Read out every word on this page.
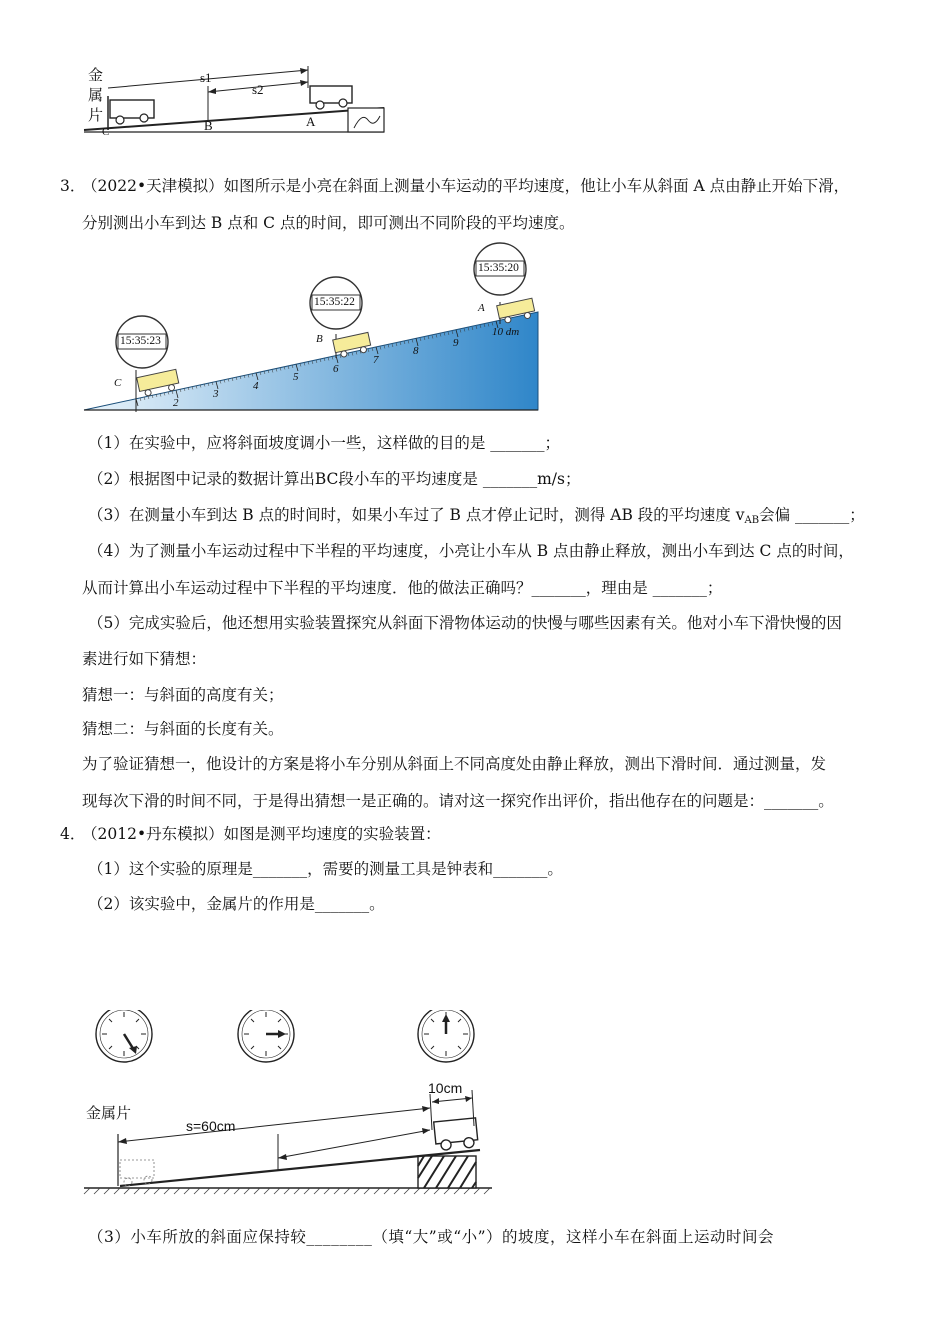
金
属
片
s1
s2
B	A
C
3．
（2022•天津模拟）如图所示是小亮在斜面上测量小车运动的平均速度，他让小车从斜面 A 点由静止开始下滑，
分别测出小车到达 B 点和 C 点的时间，即可测出不同阶段的平均速度。
15:35:23
15:35:22
15:35:20
C
B
A
10 dm
2
3
4
5
6
7
8
9
（1）在实验中，应将斜面坡度调小一些，这样做的目的是 _______；
（2）根据图中记录的数据计算出BC段小车的平均速度是 _______m/s；
（3）在测量小车到达 B 点的时间时，如果小车过了 B 点才停止记时，测得 AB 段的平均速度 $v_{AB}$会偏 _______；
（4）为了测量小车运动过程中下半程的平均速度，小亮让小车从 B 点由静止释放，测出小车到达 C 点的时间，
从而计算出小车运动过程中下半程的平均速度．他的做法正确吗？_______，理由是 _______；
（5）完成实验后，他还想用实验装置探究从斜面下滑物体运动的快慢与哪些因素有关。他对小车下滑快慢的因
素进行如下猜想：
猜想一：与斜面的高度有关；
猜想二：与斜面的长度有关。
为了验证猜想一，他设计的方案是将小车分别从斜面上不同高度处由静止释放，测出下滑时间．通过测量，发
现每次下滑的时间不同，于是得出猜想一是正确的。请对这一探究作出评价，指出他存在的问题是：_______。
4．
（2012•丹东模拟）如图是测平均速度的实验装置：
（1）这个实验的原理是_______，需要的测量工具是钟表和_______。
（2）该实验中，金属片的作用是_______。
金属片
s=60cm
10cm
（3）小车所放的斜面应保持较________（填“大”或“小”）的坡度，这样小车在斜面上运动时间会
